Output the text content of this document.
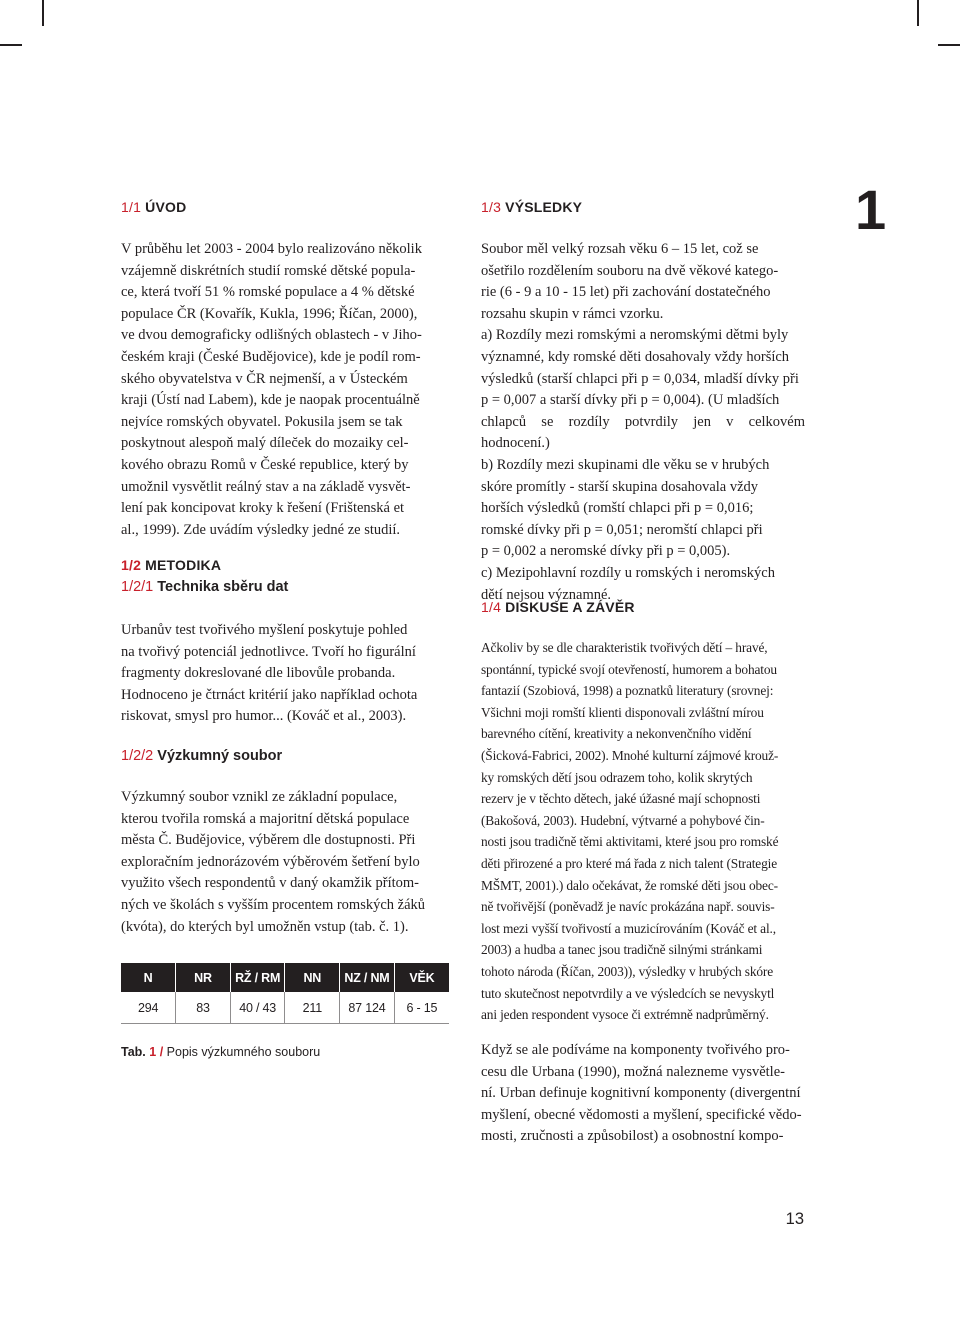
1
1/1 ÚVOD

V průběhu let 2003 - 2004 bylo realizováno několik
vzájemně diskrétních studií romské dětské popula-
ce, která tvoří 51 % romské populace a 4 % dětské
populace ČR (Kovařík, Kukla, 1996; Říčan, 2000),
ve dvou demograficky odlišných oblastech - v Jiho-
českém kraji (České Budějovice), kde je podíl rom-
ského obyvatelstva v ČR nejmenší, a v Ústeckém
kraji (Ústí nad Labem), kde je naopak procentuálně
nejvíce romských obyvatel. Pokusila jsem se tak
poskytnout alespoň malý dílec̆ek do mozaiky cel-
kového obrazu Romů v České republice, který by
umožnil vysvětlit reálný stav a na základě vysvět-
lení pak koncipovat kroky k řešení (Frištenská et
al., 1999). Zde uvádím výsledky jedné ze studií.

1/2 METODIKA
1/2/1 Technika sběru dat

Urbanův test tvořivého myšlení poskytuje pohled
na tvořivý potenciál jednotlivce. Tvoří ho figurální
fragmenty dokreslované dle libovůle probanda.
Hodnoceno je čtrnáct kritérií jako například ochota
riskovat, smysl pro humor... (Kováč et al., 2003).

1/2/2 Výzkumný soubor

Výzkumný soubor vznikl ze základní populace,
kterou tvořila romská a majoritní dětská populace
města Č. Budějovice, výběrem dle dostupnosti. Při
exploračním jednorázovém výběrovém šetření bylo
využito všech respondentů v daný okamžik přítom-
ných ve školách s vyšším procentem romských žáků
(kvóta), do kterých byl umožněn vstup (tab. č. 1).

N	NR	RŽ / RM	NN	NZ / NM	VĚK
294	83	40 / 43	211	87 124	6 - 15
Tab. 1 / Popis výzkumného souboru
1/3 VÝSLEDKY

Soubor měl velký rozsah věku 6 – 15 let, což se
ošetřilo rozdělením souboru na dvě věkové katego-
rie (6 - 9 a 10 - 15 let) při zachování dostatečného
rozsahu skupin v rámci vzorku.
a) Rozdíly mezi romskými a neromskými dětmi byly
významné, kdy romské děti dosahovaly vždy horších
výsledků (starší chlapci při p = 0,034, mladší dívky při
p = 0,007 a starší dívky při p = 0,004). (U mladších
chlapců se rozdíly potvrdily jen v celkovém hodnocení.)
b) Rozdíly mezi skupinami dle věku se v hrubých
skóre promítly - starší skupina dosahovala vždy
horších výsledků (romští chlapci při p = 0,016;
romské dívky při p = 0,051; neromští chlapci při
p = 0,002 a neromské dívky při p = 0,005).
c) Mezipohlavní rozdíly u romských i neromských
dětí nejsou významné.

1/4 DISKUSE A ZÁVĚR

Ačkoliv by se dle charakteristik tvořivých dětí – hravé,
spontánní, typické svojí otevřeností, humorem a bohatou
fantazií (Szobiová, 1998) a poznatků literatury (srovnej:
Všichni moji romští klienti disponovali zvláštní mírou
barevného cítění, kreativity a nekonvenčního vidění
(Šicková-Fabrici, 2002). Mnohé kulturní zájmové krouž-
ky romských dětí jsou odrazem toho, kolik skrytých
rezerv je v těchto dětech, jaké úžasné mají schopnosti
(Bakošová, 2003). Hudební, výtvarné a pohybové čin-
nosti jsou tradičně těmi aktivitami, které jsou pro romské
děti přirozené a pro které má řada z nich talent (Strategie
MŠMT, 2001).) dalo očekávat, že romské děti jsou obec-
ně tvořivější (poněvadž je navíc prokázána např. souvis-
lost mezi vyšší tvořivostí a muzicírováním (Kováč et al.,
2003) a hudba a tanec jsou tradičně silnými stránkami
tohoto národa (Říčan, 2003)), výsledky v hrubých skóre
tuto skutečnost nepotvrdily a ve výsledcích se nevyskytl
ani jeden respondent vysoce či extrémně nadprůměrný.

Když se ale podíváme na komponenty tvořivého pro-
cesu dle Urbana (1990), možná nalezneme vysvětle-
ní. Urban definuje kognitivní komponenty (divergentní
myšlení, obecné vědomosti a myšlení, specifické vědo-
mosti, zručnosti a způsobilost) a osobnostní kompo-

13
